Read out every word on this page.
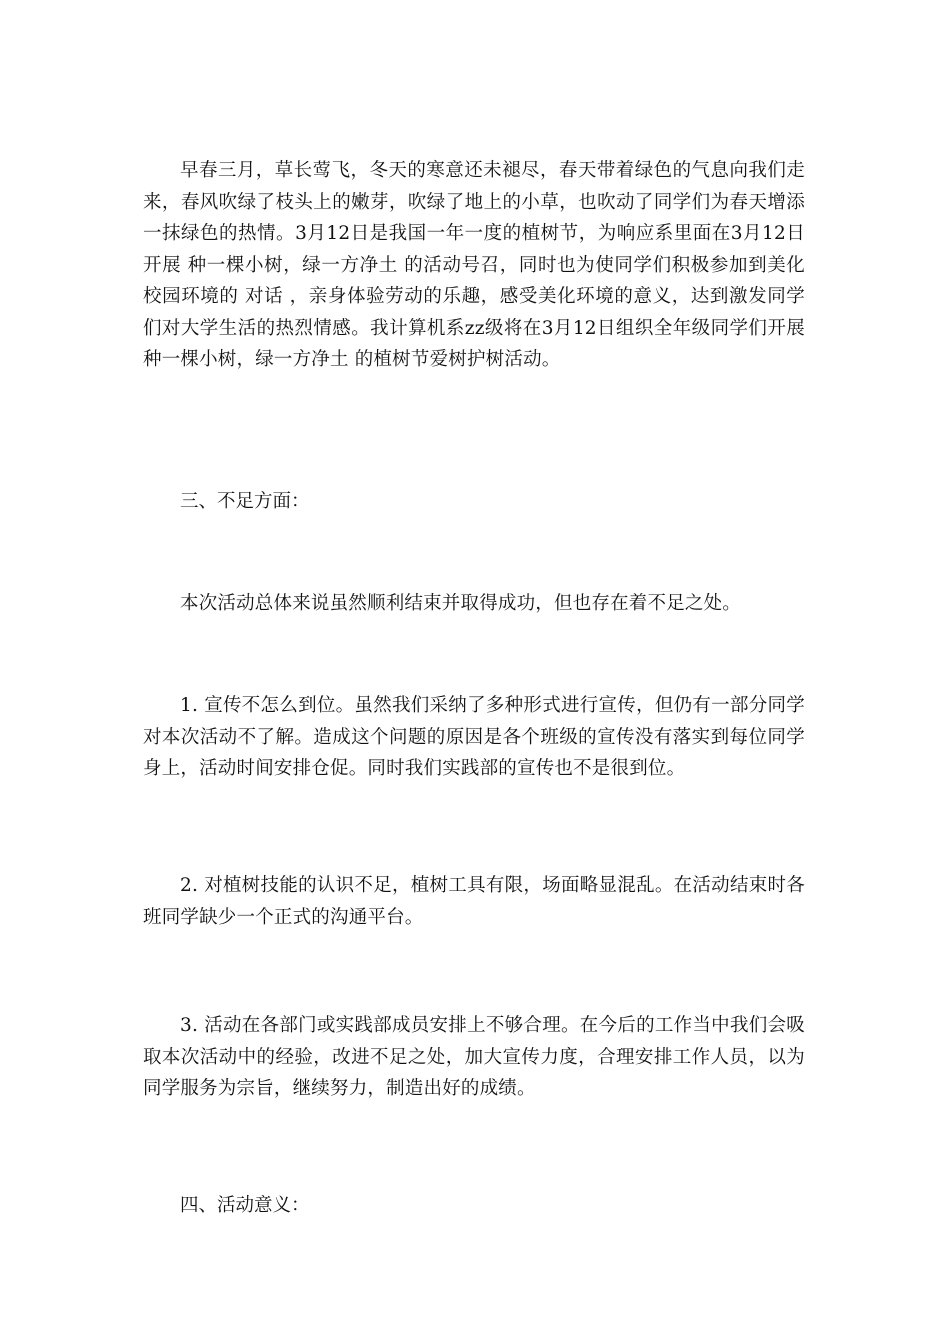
早春三月，草长莺飞，冬天的寒意还未褪尽，春天带着绿色的气息向我们走来，春风吹绿了枝头上的嫩芽，吹绿了地上的小草，也吹动了同学们为春天增添一抹绿色的热情。3月12日是我国一年一度的植树节，为响应系里面在3月12日开展 种一棵小树，绿一方净土 的活动号召，同时也为使同学们积极参加到美化校园环境的 对话 ，亲身体验劳动的乐趣，感受美化环境的意义，达到激发同学们对大学生活的热烈情感。我计算机系zz级将在3月12日组织全年级同学们开展 种一棵小树，绿一方净土 的植树节爱树护树活动。

三、不足方面：

本次活动总体来说虽然顺利结束并取得成功，但也存在着不足之处。

1. 宣传不怎么到位。虽然我们采纳了多种形式进行宣传，但仍有一部分同学对本次活动不了解。造成这个问题的原因是各个班级的宣传没有落实到每位同学身上，活动时间安排仓促。同时我们实践部的宣传也不是很到位。

2. 对植树技能的认识不足，植树工具有限，场面略显混乱。在活动结束时各班同学缺少一个正式的沟通平台。

3. 活动在各部门或实践部成员安排上不够合理。在今后的工作当中我们会吸取本次活动中的经验，改进不足之处，加大宣传力度，合理安排工作人员，以为同学服务为宗旨，继续努力，制造出好的成绩。

四、活动意义：
